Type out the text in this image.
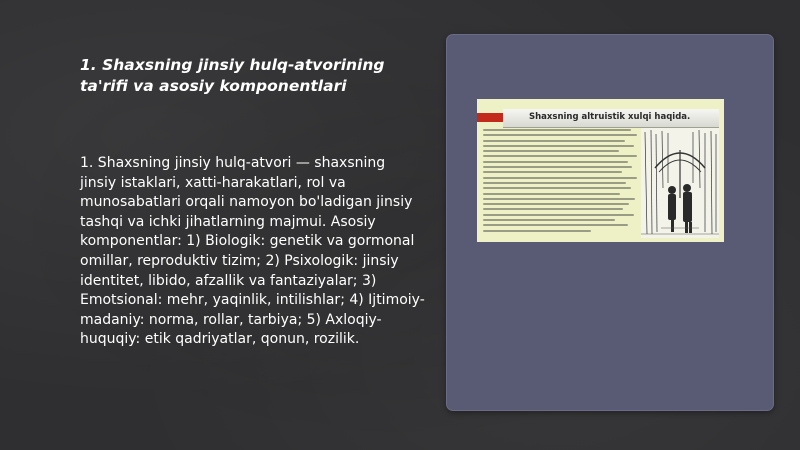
1. Shaxsning jinsiy hulq-atvorining ta'rifi va asosiy komponentlari

1. Shaxsning jinsiy hulq-atvori — shaxsning jinsiy istaklari, xatti-harakatlari, rol va munosabatlari orqali namoyon bo'ladigan jinsiy tashqi va ichki jihatlarning majmui. Asosiy komponentlar: 1) Biologik: genetik va gormonal omillar, reproduktiv tizim; 2) Psixologik: jinsiy identitet, libido, afzallik va fantaziyalar; 3) Emotsional: mehr, yaqinlik, intilishlar; 4) Ijtimoiy-madaniy: norma, rollar, tarbiya; 5) Axloqiy-huquqiy: etik qadriyatlar, qonun, rozilik.

Shaxsning altruistik xulqi haqida.
